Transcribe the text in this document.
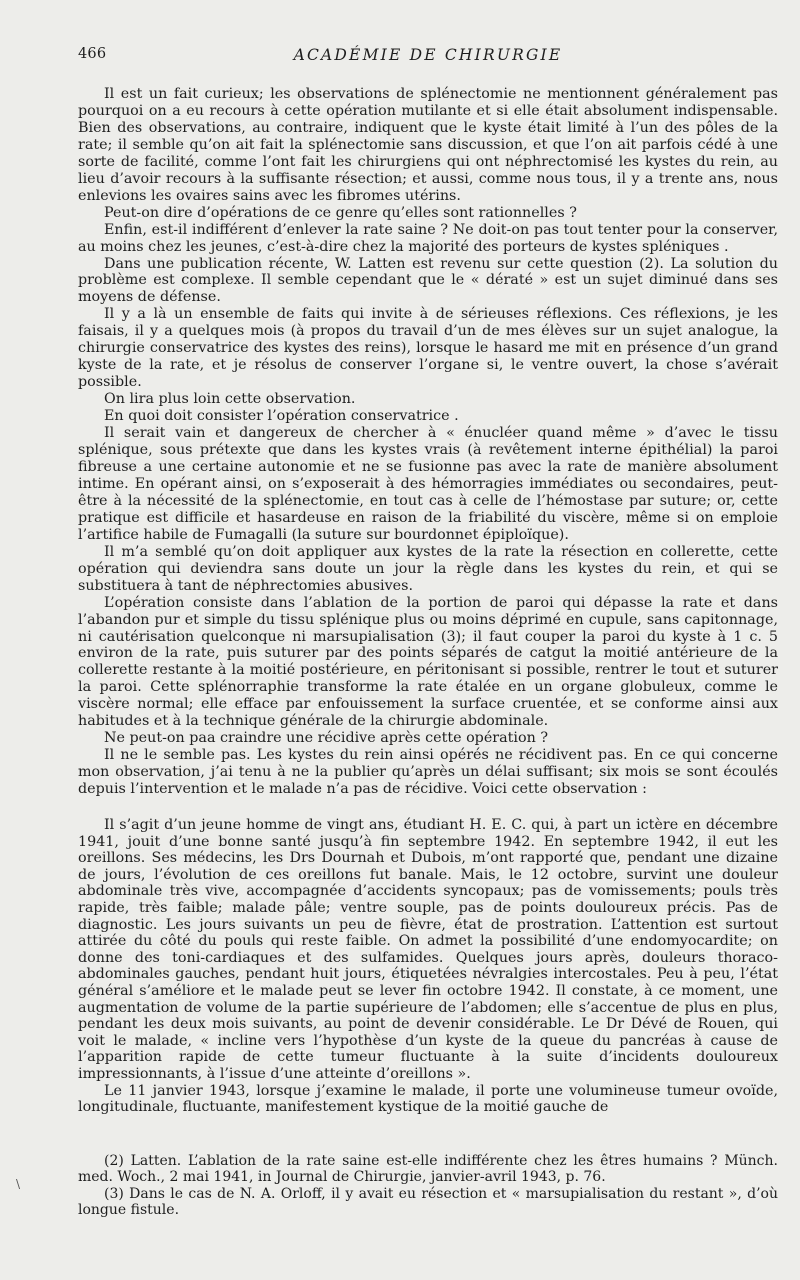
466	ACADÉMIE DE CHIRURGIE

Il est un fait curieux; les observations de splénectomie ne mentionnent généralement pas pourquoi on a eu recours à cette opération mutilante et si elle était absolument indispensable. Bien des observations, au contraire, indiquent que le kyste était limité à l’un des pôles de la rate; il semble qu’on ait fait la splénectomie sans discussion, et que l’on ait parfois cédé à une sorte de facilité, comme l’ont fait les chirurgiens qui ont néphrectomisé les kystes du rein, au lieu d’avoir recours à la suffisante résection; et aussi, comme nous tous, il y a trente ans, nous enlevions les ovaires sains avec les fibromes utérins.

Peut-on dire d’opérations de ce genre qu’elles sont rationnelles ?

Enfin, est-il indifférent d’enlever la rate saine ? Ne doit-on pas tout tenter pour la conserver, au moins chez les jeunes, c’est-à-dire chez la majorité des porteurs de kystes spléniques .

Dans une publication récente, W. Latten est revenu sur cette question (2). La solution du problème est complexe. Il semble cependant que le « dératé » est un sujet diminué dans ses moyens de défense.

Il y a là un ensemble de faits qui invite à de sérieuses réflexions. Ces réflexions, je les faisais, il y a quelques mois (à propos du travail d’un de mes élèves sur un sujet analogue, la chirurgie conservatrice des kystes des reins), lorsque le hasard me mit en présence d’un grand kyste de la rate, et je résolus de conserver l’organe si, le ventre ouvert, la chose s’avérait possible.

On lira plus loin cette observation.

En quoi doit consister l’opération conservatrice .

Il serait vain et dangereux de chercher à « énucléer quand même » d’avec le tissu splénique, sous prétexte que dans les kystes vrais (à revêtement interne épithélial) la paroi fibreuse a une certaine autonomie et ne se fusionne pas avec la rate de manière absolument intime. En opérant ainsi, on s’exposerait à des hémorragies immédiates ou secondaires, peut-être à la nécessité de la splénectomie, en tout cas à celle de l’hémostase par suture; or, cette pratique est difficile et hasardeuse en raison de la friabilité du viscère, même si on emploie l’artifice habile de Fumagalli (la suture sur bourdonnet épiploïque).

Il m’a semblé qu’on doit appliquer aux kystes de la rate la résection en collerette, cette opération qui deviendra sans doute un jour la règle dans les kystes du rein, et qui se substituera à tant de néphrectomies abusives.

L’opération consiste dans l’ablation de la portion de paroi qui dépasse la rate et dans l’abandon pur et simple du tissu splénique plus ou moins déprimé en cupule, sans capitonnage, ni cautérisation quelconque ni marsupialisation (3); il faut couper la paroi du kyste à 1 c. 5 environ de la rate, puis suturer par des points séparés de catgut la moitié antérieure de la collerette restante à la moitié postérieure, en péritonisant si possible, rentrer le tout et suturer la paroi. Cette splénorraphie transforme la rate étalée en un organe globuleux, comme le viscère normal; elle efface par enfouissement la surface cruentée, et se conforme ainsi aux habitudes et à la technique générale de la chirurgie abdominale.

Ne peut-on paa craindre une récidive après cette opération ?

Il ne le semble pas. Les kystes du rein ainsi opérés ne récidivent pas. En ce qui concerne mon observation, j’ai tenu à ne la publier qu’après un délai suffisant; six mois se sont écoulés depuis l’intervention et le malade n’a pas de récidive. Voici cette observation :

Il s’agit d’un jeune homme de vingt ans, étudiant H. E. C. qui, à part un ictère en décembre 1941, jouit d’une bonne santé jusqu’à fin septembre 1942. En septembre 1942, il eut les oreillons. Ses médecins, les Drs Dournah et Dubois, m’ont rapporté que, pendant une dizaine de jours, l’évolution de ces oreillons fut banale. Mais, le 12 octobre, survint une douleur abdominale très vive, accompagnée d’accidents syncopaux; pas de vomissements; pouls très rapide, très faible; malade pâle; ventre souple, pas de points douloureux précis. Pas de diagnostic. Les jours suivants un peu de fièvre, état de prostration. L’attention est surtout attirée du côté du pouls qui reste faible. On admet la possibilité d’une endomyocardite; on donne des toni-cardiaques et des sulfamides. Quelques jours après, douleurs thoraco-abdominales gauches, pendant huit jours, étiquetées névralgies intercostales. Peu à peu, l’état général s’améliore et le malade peut se lever fin octobre 1942. Il constate, à ce moment, une augmentation de volume de la partie supérieure de l’abdomen; elle s’accentue de plus en plus, pendant les deux mois suivants, au point de devenir considérable. Le Dr Dévé de Rouen, qui voit le malade, « incline vers l’hypothèse d’un kyste de la queue du pancréas à cause de l’apparition rapide de cette tumeur fluctuante à la suite d’incidents douloureux impressionnants, à l’issue d’une atteinte d’oreillons ».

Le 11 janvier 1943, lorsque j’examine le malade, il porte une volumineuse tumeur ovoïde, longitudinale, fluctuante, manifestement kystique de la moitié gauche de

(2) Latten. L’ablation de la rate saine est-elle indifférente chez les êtres humains ? Münch. med. Woch., 2 mai 1941, in Journal de Chirurgie, janvier-avril 1943, p. 76.

(3) Dans le cas de N. A. Orloff, il y avait eu résection et « marsupialisation du restant », d’où longue fistule.

\
